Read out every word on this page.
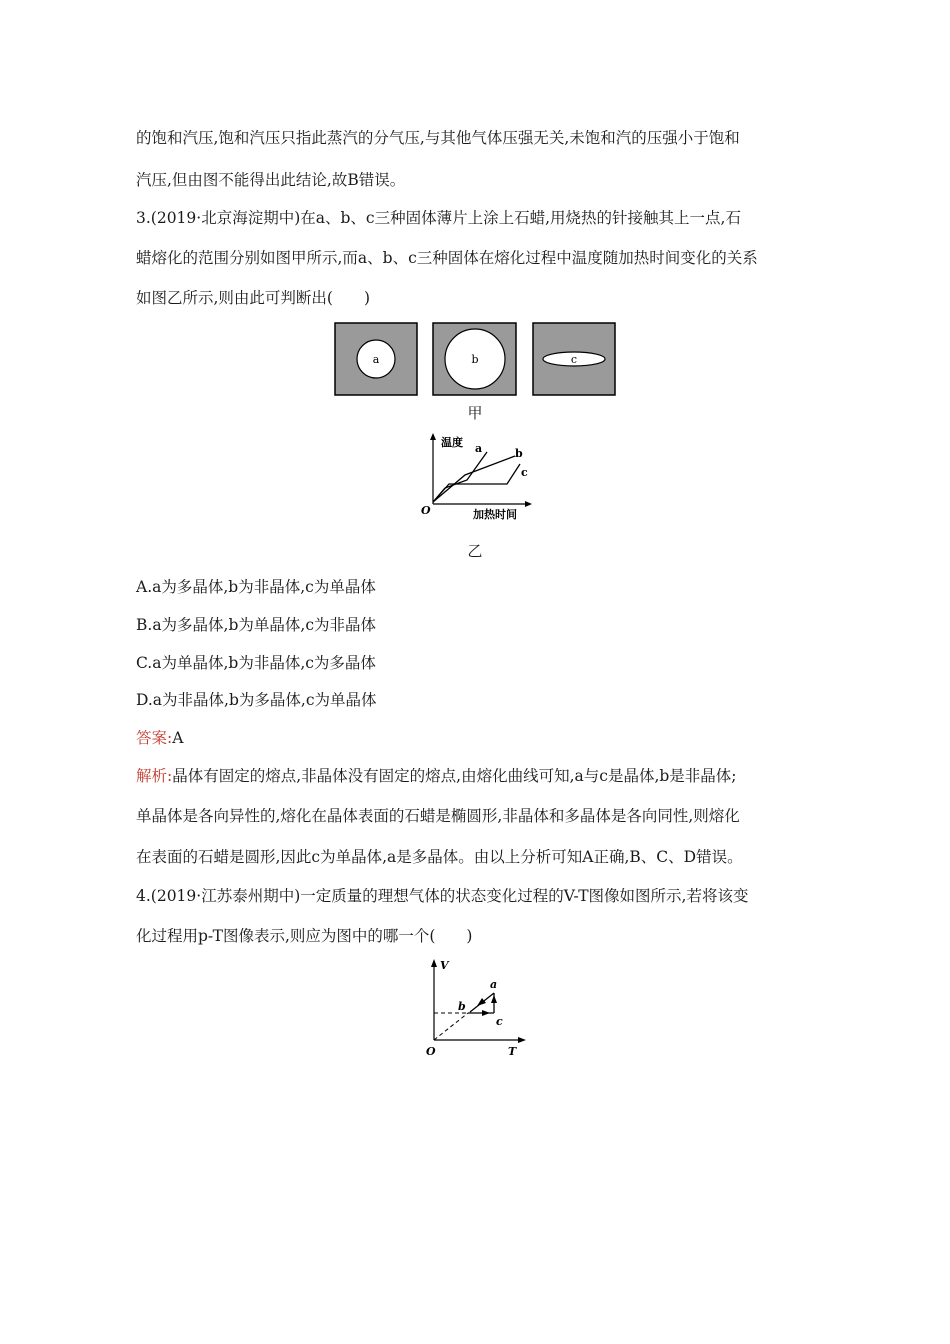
的饱和汽压,饱和汽压只指此蒸汽的分气压,与其他气体压强无关,未饱和汽的压强小于饱和
汽压,但由图不能得出此结论,故B错误。
3.(2019·北京海淀期中)在a、b、c三种固体薄片上涂上石蜡,用烧热的针接触其上一点,石
蜡熔化的范围分别如图甲所示,而a、b、c三种固体在熔化过程中温度随加热时间变化的关系
如图乙所示,则由此可判断出(　　)
a	b	c
甲
温度
加热时间
O
a	b
c
乙
A.a为多晶体,b为非晶体,c为单晶体
B.a为多晶体,b为单晶体,c为非晶体
C.a为单晶体,b为非晶体,c为多晶体
D.a为非晶体,b为多晶体,c为单晶体
答案:A
解析:晶体有固定的熔点,非晶体没有固定的熔点,由熔化曲线可知,a与c是晶体,b是非晶体;
单晶体是各向异性的,熔化在晶体表面的石蜡是椭圆形,非晶体和多晶体是各向同性,则熔化
在表面的石蜡是圆形,因此c为单晶体,a是多晶体。由以上分析可知A正确,B、C、D错误。
4.(2019·江苏泰州期中)一定质量的理想气体的状态变化过程的V-T图像如图所示,若将该变
化过程用p-T图像表示,则应为图中的哪一个(　　)
V
T
O
a
b
c
